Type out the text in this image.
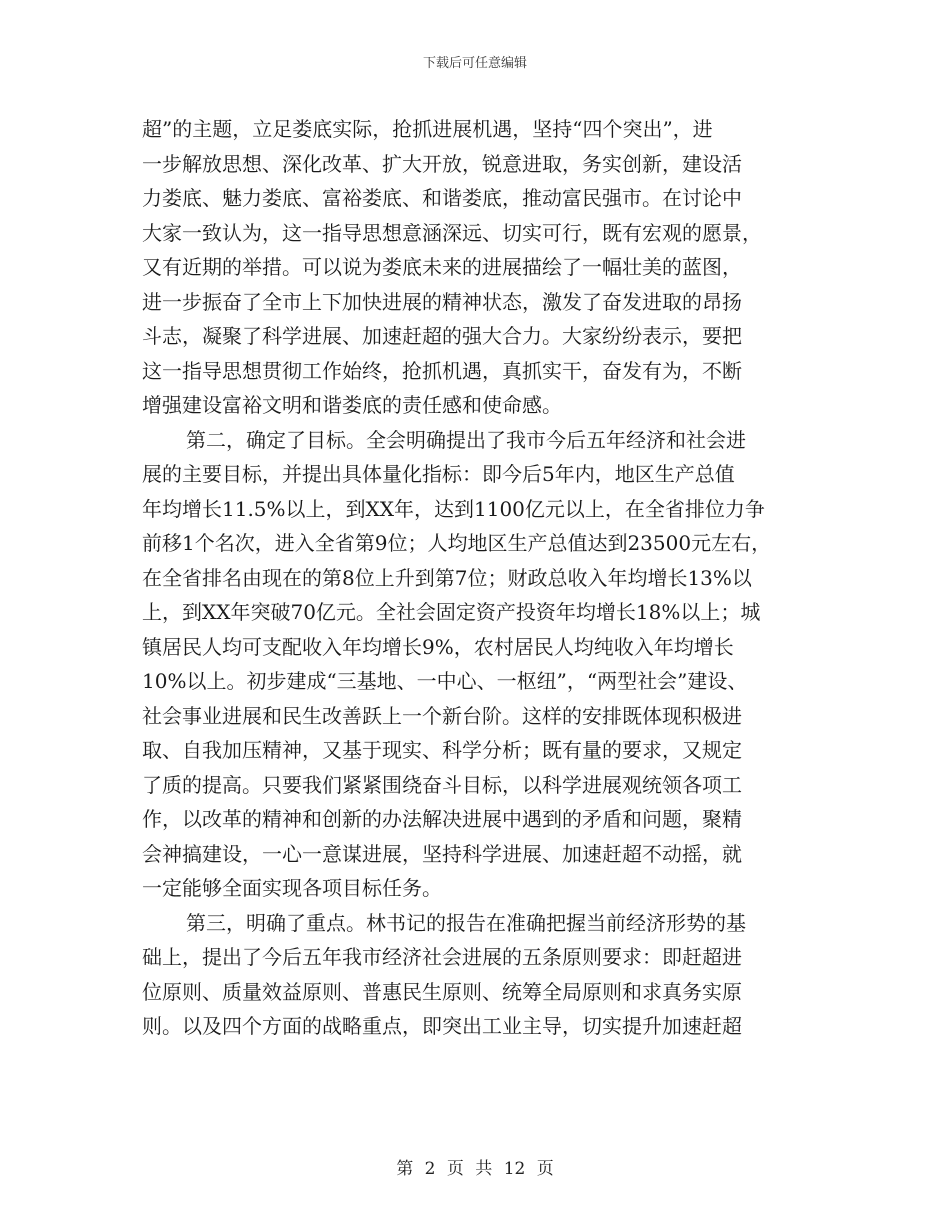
下载后可任意编辑
超”的主题，立足娄底实际，抢抓进展机遇，坚持“四个突出”，进
一步解放思想、深化改革、扩大开放，锐意进取，务实创新，建设活
力娄底、魅力娄底、富裕娄底、和谐娄底，推动富民强市。在讨论中
大家一致认为，这一指导思想意涵深远、切实可行，既有宏观的愿景，
又有近期的举措。可以说为娄底未来的进展描绘了一幅壮美的蓝图，
进一步振奋了全市上下加快进展的精神状态，激发了奋发进取的昂扬
斗志，凝聚了科学进展、加速赶超的强大合力。大家纷纷表示，要把
这一指导思想贯彻工作始终，抢抓机遇，真抓实干，奋发有为，不断
增强建设富裕文明和谐娄底的责任感和使命感。
第二，确定了目标。全会明确提出了我市今后五年经济和社会进
展的主要目标，并提出具体量化指标：即今后5年内，地区生产总值
年均增长11.5%以上，到XX年，达到1100亿元以上，在全省排位力争
前移1个名次，进入全省第9位；人均地区生产总值达到23500元左右，
在全省排名由现在的第8位上升到第7位；财政总收入年均增长13%以
上，到XX年突破70亿元。全社会固定资产投资年均增长18%以上；城
镇居民人均可支配收入年均增长9%，农村居民人均纯收入年均增长
10%以上。初步建成“三基地、一中心、一枢纽”，“两型社会”建设、
社会事业进展和民生改善跃上一个新台阶。这样的安排既体现积极进
取、自我加压精神，又基于现实、科学分析；既有量的要求，又规定
了质的提高。只要我们紧紧围绕奋斗目标，以科学进展观统领各项工
作，以改革的精神和创新的办法解决进展中遇到的矛盾和问题，聚精
会神搞建设，一心一意谋进展，坚持科学进展、加速赶超不动摇，就
一定能够全面实现各项目标任务。
第三，明确了重点。林书记的报告在准确把握当前经济形势的基
础上，提出了今后五年我市经济社会进展的五条原则要求：即赶超进
位原则、质量效益原则、普惠民生原则、统筹全局原则和求真务实原
则。以及四个方面的战略重点，即突出工业主导，切实提升加速赶超
第 2 页 共 12 页
